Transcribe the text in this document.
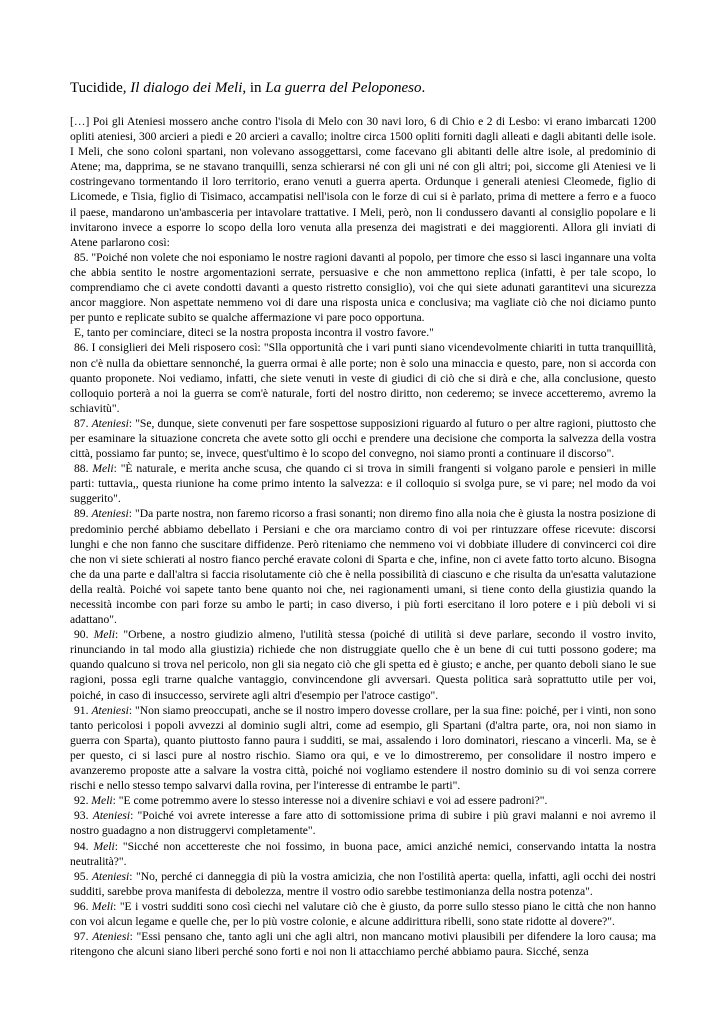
Tucidide, Il dialogo dei Meli, in La guerra del Peloponeso.

[…] Poi gli Ateniesi mossero anche contro l'isola di Melo con 30 navi loro, 6 di Chio e 2 di Lesbo: vi erano imbarcati 1200 opliti ateniesi, 300 arcieri a piedi e 20 arcieri a cavallo; inoltre circa 1500 opliti forniti dagli alleati e dagli abitanti delle isole. I Meli, che sono coloni spartani, non volevano assoggettarsi, come facevano gli abitanti delle altre isole, al predominio di Atene; ma, dapprima, se ne stavano tranquilli, senza schierarsi né con gli uni né con gli altri; poi, siccome gli Ateniesi ve li costringevano tormentando il loro territorio, erano venuti a guerra aperta. Ordunque i generali ateniesi Cleomede, figlio di Licomede, e Tisia, figlio di Tisimaco, accampatisi nell'isola con le forze di cui si è parlato, prima di mettere a ferro e a fuoco il paese, mandarono un'ambasceria per intavolare trattative. I Meli, però, non li condussero davanti al consiglio popolare e li invitarono invece a esporre lo scopo della loro venuta alla presenza dei magistrati e dei maggiorenti. Allora gli inviati di Atene parlarono così:

85. "Poiché non volete che noi esponiamo le nostre ragioni davanti al popolo, per timore che esso si lasci ingannare una volta che abbia sentito le nostre argomentazioni serrate, persuasive e che non ammettono replica (infatti, è per tale scopo, lo comprendiamo che ci avete condotti davanti a questo ristretto consiglio), voi che qui siete adunati garantitevi una sicurezza ancor maggiore. Non aspettate nemmeno voi di dare una risposta unica e conclusiva; ma vagliate ciò che noi diciamo punto per punto e replicate subito se qualche affermazione vi pare poco opportuna.

E, tanto per cominciare, diteci se la nostra proposta incontra il vostro favore."

86. I consiglieri dei Meli risposero così: "Slla opportunità che i vari punti siano vicendevolmente chiariti in tutta tranquillità, non c'è nulla da obiettare sennonché, la guerra ormai è alle porte; non è solo una minaccia e questo, pare, non si accorda con quanto proponete. Noi vediamo, infatti, che siete venuti in veste di giudici di ciò che si dirà e che, alla conclusione, questo colloquio porterà a noi la guerra se com'è naturale, forti del nostro diritto, non cederemo; se invece accetteremo, avremo la schiavitù".

87. Ateniesi: "Se, dunque, siete convenuti per fare sospettose supposizioni riguardo al futuro o per altre ragioni, piuttosto che per esaminare la situazione concreta che avete sotto gli occhi e prendere una decisione che comporta la salvezza della vostra città, possiamo far punto; se, invece, quest'ultimo è lo scopo del convegno, noi siamo pronti a continuare il discorso".

88. Meli: "È naturale, e merita anche scusa, che quando ci si trova in simili frangenti si volgano parole e pensieri in mille parti: tuttavia,, questa riunione ha come primo intento la salvezza: e il colloquio si svolga pure, se vi pare; nel modo da voi suggerito".

89. Ateniesi: "Da parte nostra, non faremo ricorso a frasi sonanti; non diremo fino alla noia che è giusta la nostra posizione di predominio perché abbiamo debellato i Persiani e che ora marciamo contro di voi per rintuzzare offese ricevute: discorsi lunghi e che non fanno che suscitare diffidenze. Però riteniamo che nemmeno voi vi dobbiate illudere di convincerci coi dire che non vi siete schierati al nostro fianco perché eravate coloni di Sparta e che, infine, non ci avete fatto torto alcuno. Bisogna che da una parte e dall'altra si faccia risolutamente ciò che è nella possibilità di ciascuno e che risulta da un'esatta valutazione della realtà. Poiché voi sapete tanto bene quanto noi che, nei ragionamenti umani, si tiene conto della giustizia quando la necessità incombe con pari forze su ambo le parti; in caso diverso, i più forti esercitano il loro potere e i più deboli vi si adattano".

90. Meli: "Orbene, a nostro giudizio almeno, l'utilità stessa (poiché di utilità si deve parlare, secondo il vostro invito, rinunciando in tal modo alla giustizia) richiede che non distruggiate quello che è un bene di cui tutti possono godere; ma quando qualcuno si trova nel pericolo, non gli sia negato ciò che gli spetta ed è giusto; e anche, per quanto deboli siano le sue ragioni, possa egli trarne qualche vantaggio, convincendone gli avversari. Questa politica sarà soprattutto utile per voi, poiché, in caso di insuccesso, servirete agli altri d'esempio per l'atroce castigo".

91. Ateniesi: "Non siamo preoccupati, anche se il nostro impero dovesse crollare, per la sua fine: poiché, per i vinti, non sono tanto pericolosi i popoli avvezzi al dominio sugli altri, come ad esempio, gli Spartani (d'altra parte, ora, noi non siamo in guerra con Sparta), quanto piuttosto fanno paura i sudditi, se mai, assalendo i loro dominatori, riescano a vincerli. Ma, se è per questo, ci si lasci pure al nostro rischio. Siamo ora qui, e ve lo dimostreremo, per consolidare il nostro impero e avanzeremo proposte atte a salvare la vostra città, poiché noi vogliamo estendere il nostro dominio su di voi senza correre rischi e nello stesso tempo salvarvi dalla rovina, per l'interesse di entrambe le parti".

92. Meli: "E come potremmo avere lo stesso interesse noi a divenire schiavi e voi ad essere padroni?".

93. Ateniesi: "Poiché voi avrete interesse a fare atto di sottomissione prima di subire i più gravi malanni e noi avremo il nostro guadagno a non distruggervi completamente".

94. Meli: "Sicché non accettereste che noi fossimo, in buona pace, amici anziché nemici, conservando intatta la nostra neutralità?".

95. Ateniesi: "No, perché ci danneggia di più la vostra amicizia, che non l'ostilità aperta: quella, infatti, agli occhi dei nostri sudditi, sarebbe prova manifesta di debolezza, mentre il vostro odio sarebbe testimonianza della nostra potenza".

96. Meli: "E i vostri sudditi sono così ciechi nel valutare ciò che è giusto, da porre sullo stesso piano le città che non hanno con voi alcun legame e quelle che, per lo più vostre colonie, e alcune addirittura ribelli, sono state ridotte al dovere?".

97. Ateniesi: "Essi pensano che, tanto agli uni che agli altri, non mancano motivi plausibili per difendere la loro causa; ma ritengono che alcuni siano liberi perché sono forti e noi non li attacchiamo perché abbiamo paura. Sicché, senza
